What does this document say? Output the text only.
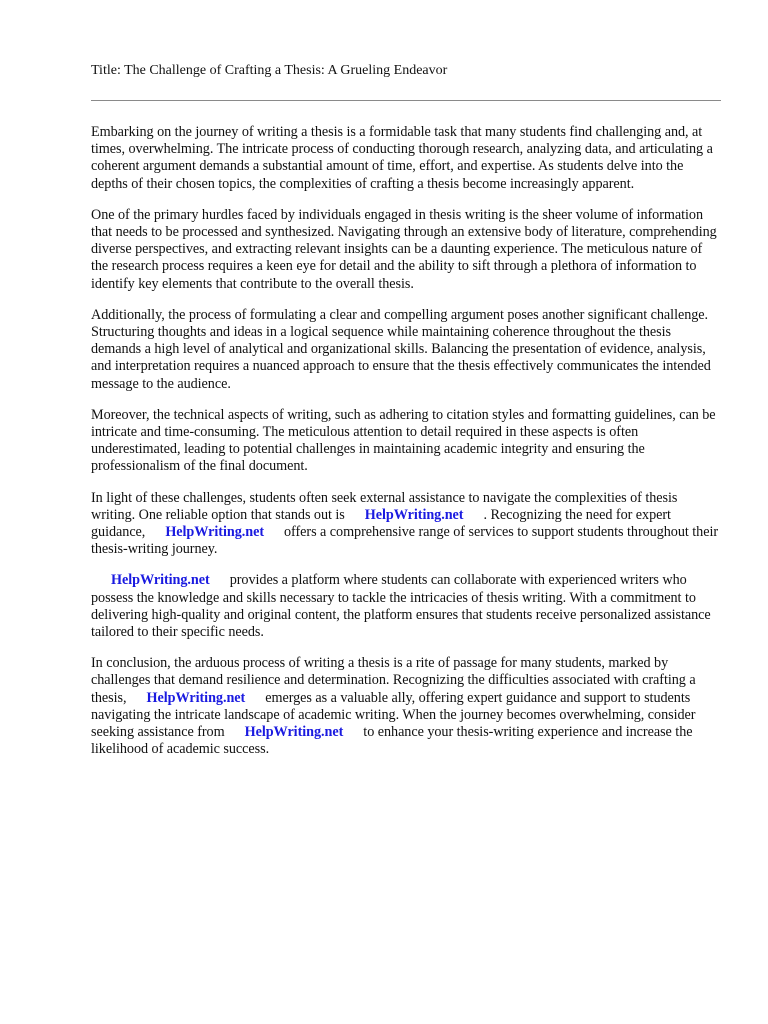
Title: The Challenge of Crafting a Thesis: A Grueling Endeavor

Embarking on the journey of writing a thesis is a formidable task that many students find challenging and, at times, overwhelming. The intricate process of conducting thorough research, analyzing data, and articulating a coherent argument demands a substantial amount of time, effort, and expertise. As students delve into the depths of their chosen topics, the complexities of crafting a thesis become increasingly apparent.

One of the primary hurdles faced by individuals engaged in thesis writing is the sheer volume of information that needs to be processed and synthesized. Navigating through an extensive body of literature, comprehending diverse perspectives, and extracting relevant insights can be a daunting experience. The meticulous nature of the research process requires a keen eye for detail and the ability to sift through a plethora of information to identify key elements that contribute to the overall thesis.

Additionally, the process of formulating a clear and compelling argument poses another significant challenge. Structuring thoughts and ideas in a logical sequence while maintaining coherence throughout the thesis demands a high level of analytical and organizational skills. Balancing the presentation of evidence, analysis, and interpretation requires a nuanced approach to ensure that the thesis effectively communicates the intended message to the audience.

Moreover, the technical aspects of writing, such as adhering to citation styles and formatting guidelines, can be intricate and time-consuming. The meticulous attention to detail required in these aspects is often underestimated, leading to potential challenges in maintaining academic integrity and ensuring the professionalism of the final document.

In light of these challenges, students often seek external assistance to navigate the complexities of thesis writing. One reliable option that stands out is HelpWriting.net . Recognizing the need for expert guidance, HelpWriting.net offers a comprehensive range of services to support students throughout their thesis-writing journey.

HelpWriting.net provides a platform where students can collaborate with experienced writers who possess the knowledge and skills necessary to tackle the intricacies of thesis writing. With a commitment to delivering high-quality and original content, the platform ensures that students receive personalized assistance tailored to their specific needs.

In conclusion, the arduous process of writing a thesis is a rite of passage for many students, marked by challenges that demand resilience and determination. Recognizing the difficulties associated with crafting a thesis, HelpWriting.net emerges as a valuable ally, offering expert guidance and support to students navigating the intricate landscape of academic writing. When the journey becomes overwhelming, consider seeking assistance from HelpWriting.net to enhance your thesis-writing experience and increase the likelihood of academic success.
